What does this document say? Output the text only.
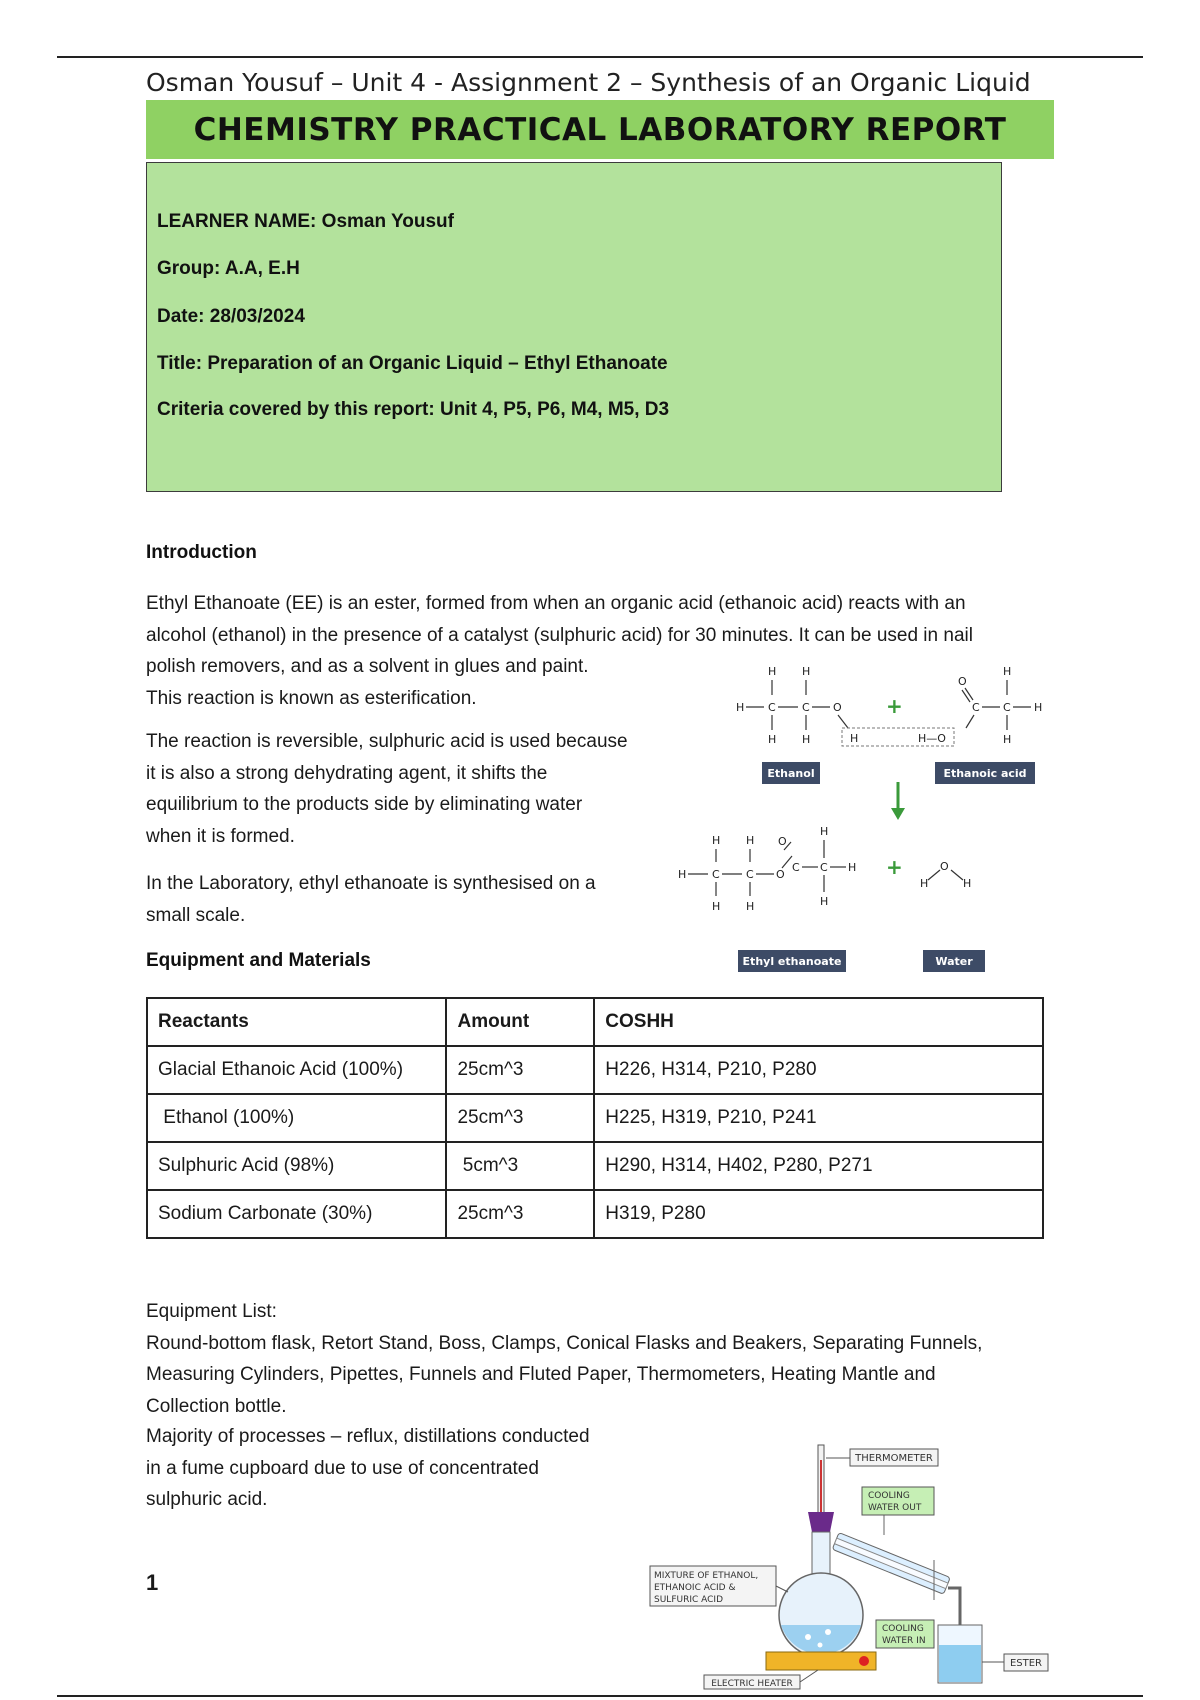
Osman Yousuf – Unit 4 - Assignment 2 – Synthesis of an Organic Liquid
CHEMISTRY PRACTICAL LABORATORY REPORT
LEARNER NAME: Osman Yousuf
Group: A.A, E.H
Date: 28/03/2024
Title: Preparation of an Organic Liquid – Ethyl Ethanoate
Criteria covered by this report: Unit 4, P5, P6, M4, M5, D3
Introduction
Ethyl Ethanoate (EE) is an ester, formed from when an organic acid (ethanoic acid) reacts with an
alcohol (ethanol) in the presence of a catalyst (sulphuric acid) for 30 minutes. It can be used in nail
polish removers, and as a solvent in glues and paint.
This reaction is known as esterification.
The reaction is reversible, sulphuric acid is used because
it is also a strong dehydrating agent, it shifts the
equilibrium to the products side by eliminating water
when it is formed.
In the Laboratory, ethyl ethanoate is synthesised on a
small scale.
H H
H C C O
H H	H	H—O
+
O
C C
H
H
H
Ethanol	Ethanoic acid
H H
H C C O
H H
O
C C
H
H
H
+
H
O
H
Ethyl ethanoate	Water
Equipment and Materials
Reactants	Amount	COSHH
Glacial Ethanoic Acid (100%)	25cm^3	H226, H314, P210, P280
Ethanol (100%)	25cm^3	H225, H319, P210, P241
Sulphuric Acid (98%)	5cm^3	H290, H314, H402, P280, P271
Sodium Carbonate (30%)	25cm^3	H319, P280
Equipment List:
Round-bottom flask, Retort Stand, Boss, Clamps, Conical Flasks and Beakers, Separating Funnels,
Measuring Cylinders, Pipettes, Funnels and Fluted Paper, Thermometers, Heating Mantle and
Collection bottle.
Majority of processes – reflux, distillations conducted
in a fume cupboard due to use of concentrated
sulphuric acid.
1
THERMOMETER
COOLING
WATER OUT
COOLING
WATER IN
ESTER
MIXTURE OF ETHANOL,
ETHANOIC ACID &
SULFURIC ACID
ELECTRIC HEATER
